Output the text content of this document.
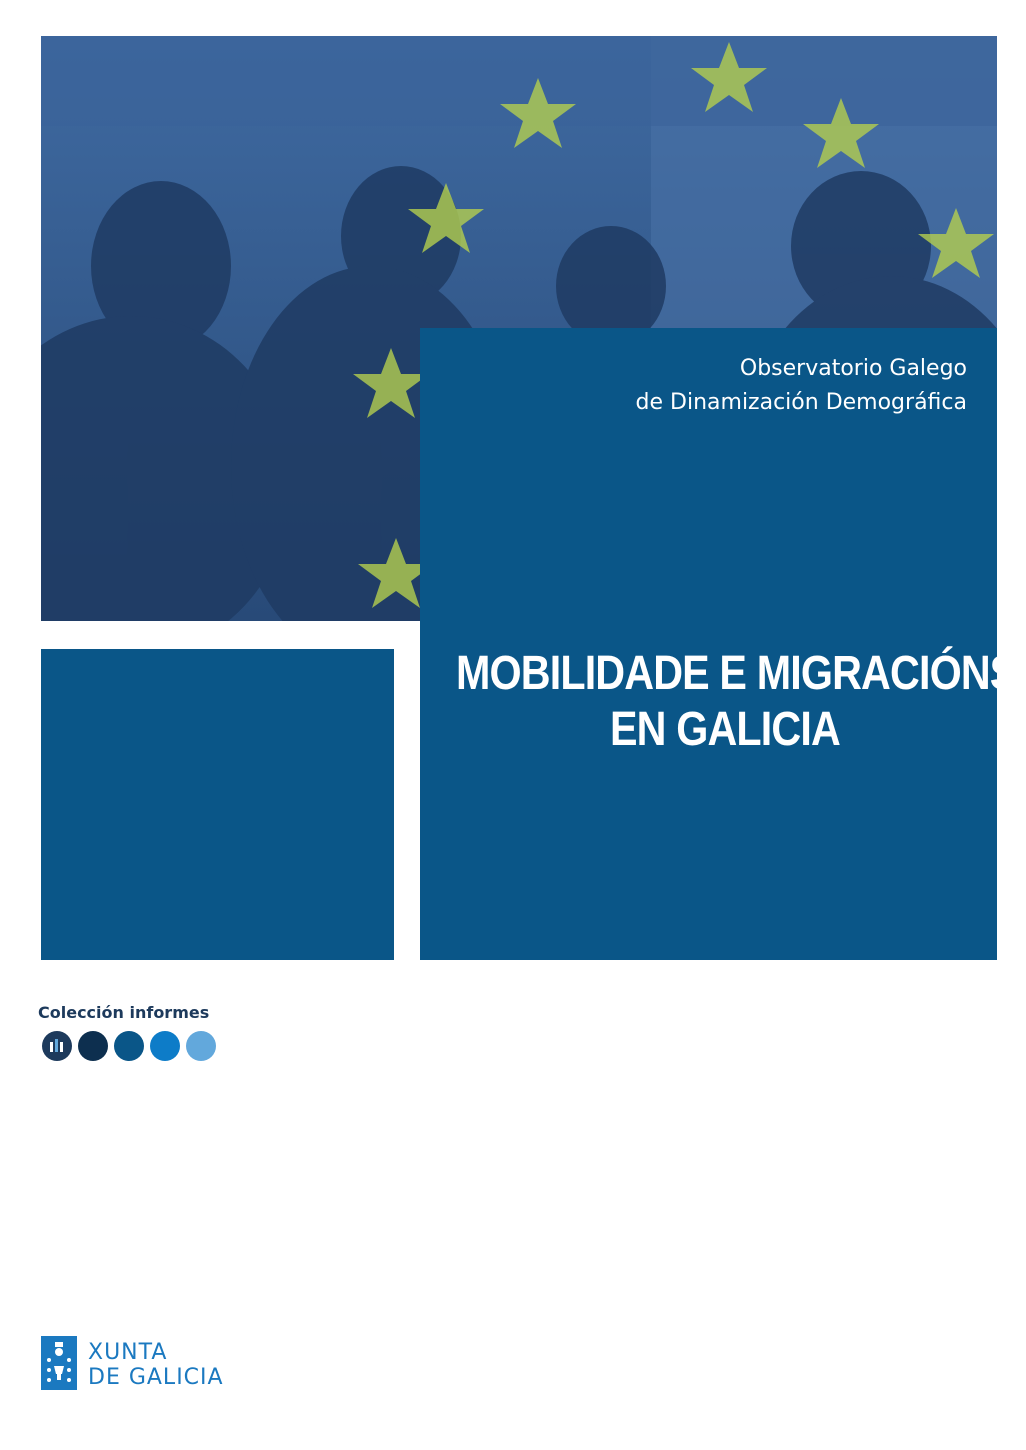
Observatorio Galego
de Dinamización Demográfica
MOBILIDADE E MIGRACIÓNS
EN GALICIA
Colección informes
XUNTA
DE GALICIA
